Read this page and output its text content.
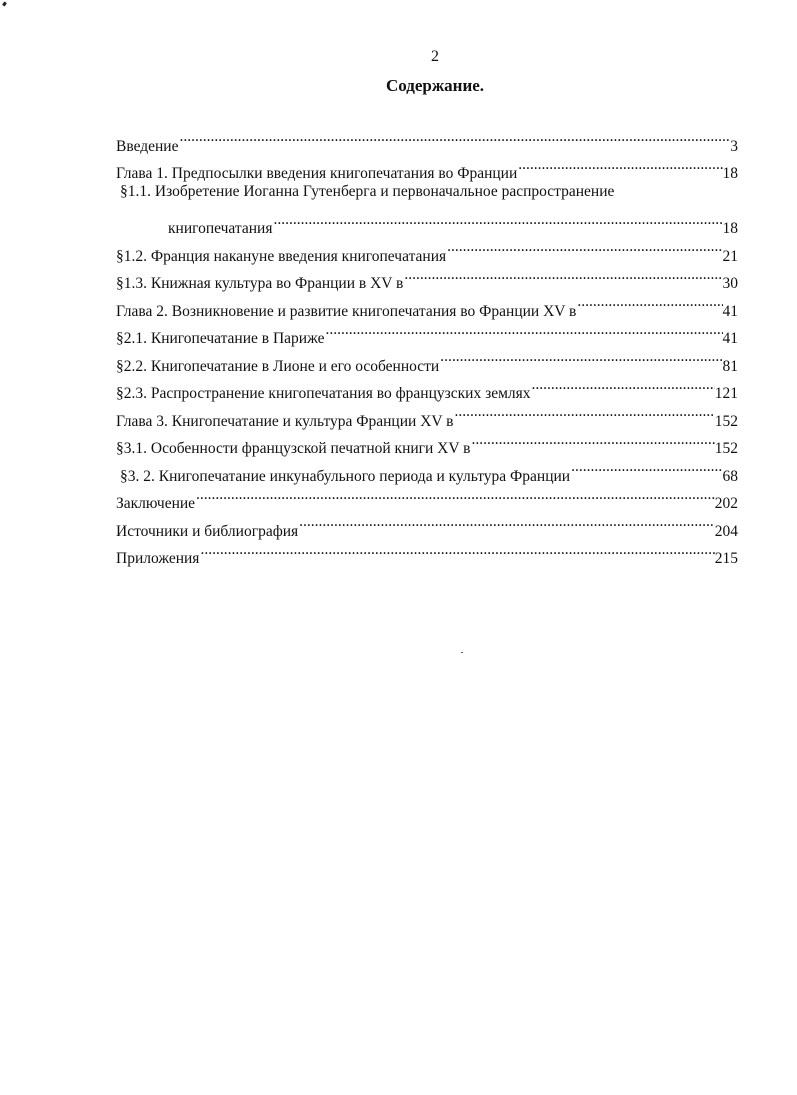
2
Содержание.
Введение .....	3
Глава 1. Предпосылки введения книгопечатания во Франции .....	18
§1.1. Изобретение Иоганна Гутенберга и первоначальное распространение
книгопечатания .....	18
§1.2. Франция накануне введения книгопечатания .....	21
§1.3. Книжная культура во Франции в XV в .....	30
Глава 2. Возникновение и развитие книгопечатания во Франции XV в .....	41
§2.1. Книгопечатание в Париже .....	41
§2.2. Книгопечатание в Лионе и его особенности .....	81
§2.3. Распространение книгопечатания во французских землях .....	121
Глава 3. Книгопечатание и культура Франции XV в .....	152
§3.1. Особенности французской печатной книги XV в .....	152
§3. 2. Книгопечатание инкунабульного периода и культура Франции .....	68
Заключение .....	202
Источники и библиография .....	204
Приложения .....	215
